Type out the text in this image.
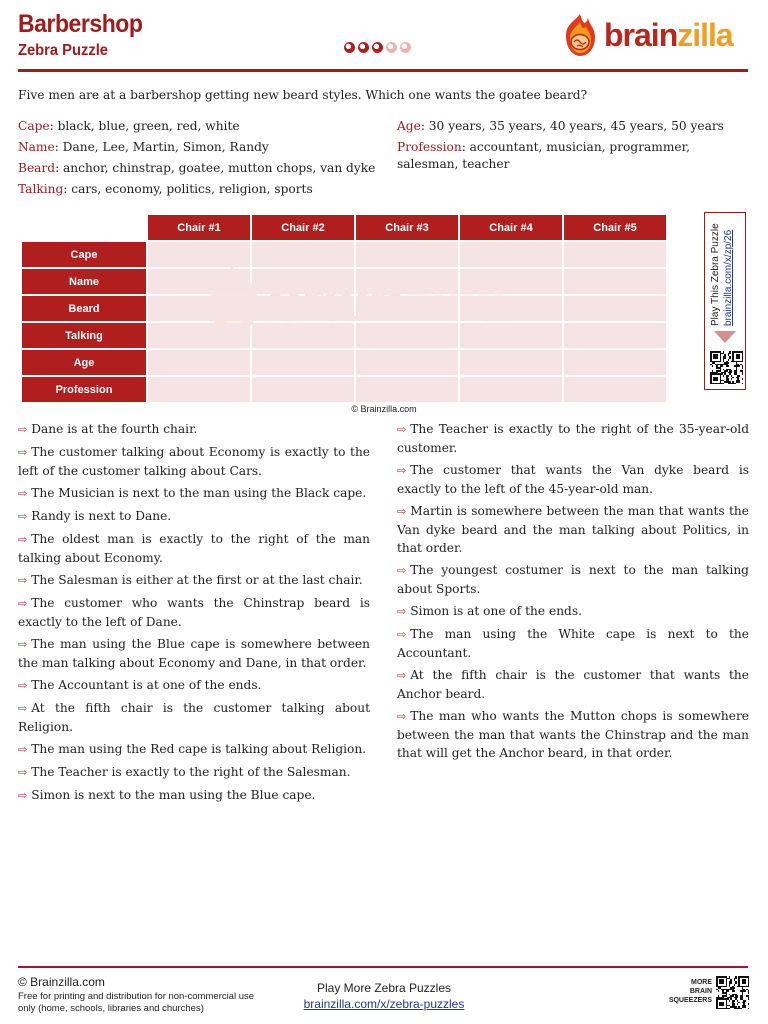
Barbershop
Zebra Puzzle	brainzilla
Five men are at a barbershop getting new beard styles. Which one wants the goatee beard?
Cape: black, blue, green, red, white
Name: Dane, Lee, Martin, Simon, Randy
Beard: anchor, chinstrap, goatee, mutton chops, van dyke
Talking: cars, economy, politics, religion, sports
Age: 30 years, 35 years, 40 years, 45 years, 50 years
Profession: accountant, musician, programmer, salesman, teacher
	Chair #1	Chair #2	Chair #3	Chair #4	Chair #5
Cape					
Name					
Beard					
Talking					
Age					
Profession					
© Brainzilla.com
Play This Zebra Puzzle brainzilla.com/x/zp/26
⇨ Dane is at the fourth chair.
⇨ The customer talking about Economy is exactly to the left of the customer talking about Cars.
⇨ The Musician is next to the man using the Black cape.
⇨ Randy is next to Dane.
⇨ The oldest man is exactly to the right of the man talking about Economy.
⇨ The Salesman is either at the first or at the last chair.
⇨ The customer who wants the Chinstrap beard is exactly to the left of Dane.
⇨ The man using the Blue cape is somewhere between the man talking about Economy and Dane, in that order.
⇨ The Accountant is at one of the ends.
⇨ At the fifth chair is the customer talking about Religion.
⇨ The man using the Red cape is talking about Religion.
⇨ The Teacher is exactly to the right of the Salesman.
⇨ Simon is next to the man using the Blue cape.
⇨ The Teacher is exactly to the right of the 35-year-old customer.
⇨ The customer that wants the Van dyke beard is exactly to the left of the 45-year-old man.
⇨ Martin is somewhere between the man that wants the Van dyke beard and the man talking about Politics, in that order.
⇨ The youngest costumer is next to the man talking about Sports.
⇨ Simon is at one of the ends.
⇨ The man using the White cape is next to the Accountant.
⇨ At the fifth chair is the customer that wants the Anchor beard.
⇨ The man who wants the Mutton chops is somewhere between the man that wants the Chinstrap and the man that will get the Anchor beard, in that order.
© Brainzilla.com
Free for printing and distribution for non-commercial use only (home, schools, libraries and churches)
Play More Zebra Puzzles
brainzilla.com/x/zebra-puzzles
MORE
BRAIN
SQUEEZERS
